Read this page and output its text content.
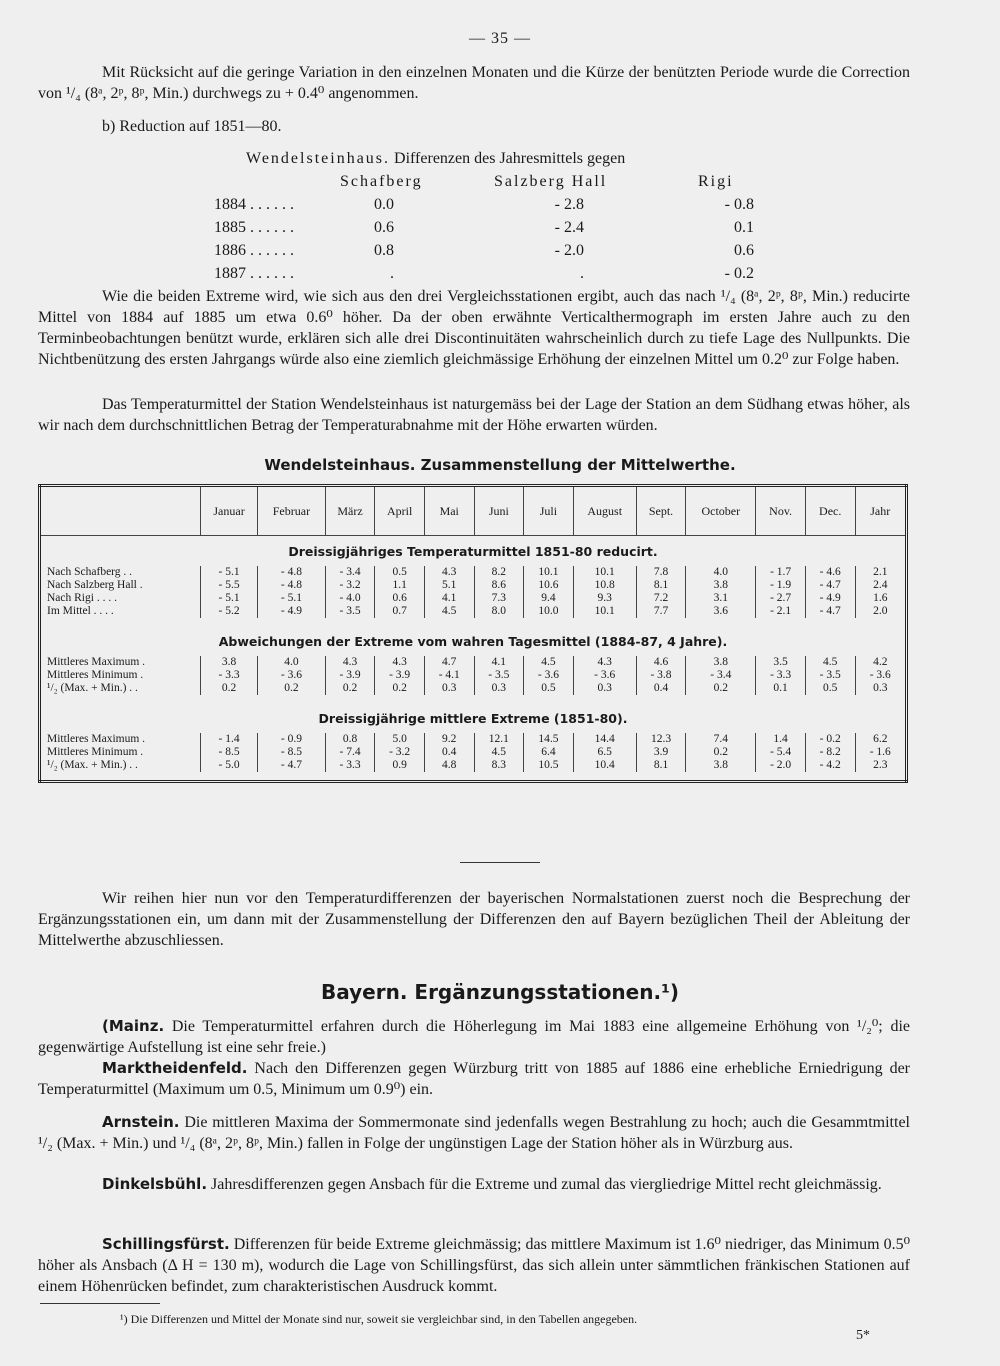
— 35 —
Mit Rücksicht auf die geringe Variation in den einzelnen Monaten und die Kürze der benützten Periode wurde die Correction von ¹/₄ (8ᵃ, 2ᵖ, 8ᵖ, Min.) durchwegs zu + 0.4⁰ angenommen.
b) Reduction auf 1851—80.
Wendelsteinhaus. Differenzen des Jahresmittels gegen
Schafberg	Salzberg Hall	Rigi
1884 . . . . . .	0.0	- 2.8	- 0.8
1885 . . . . . .	0.6	- 2.4	0.1
1886 . . . . . .	0.8	- 2.0	0.6
1887 . . . . . .	.	.	- 0.2
Wie die beiden Extreme wird, wie sich aus den drei Vergleichsstationen ergibt, auch das nach ¹/₄ (8ᵃ, 2ᵖ, 8ᵖ, Min.) reducirte Mittel von 1884 auf 1885 um etwa 0.6⁰ höher. Da der oben erwähnte Verticalthermograph im ersten Jahre auch zu den Terminbeobachtungen benützt wurde, erklären sich alle drei Discontinuitäten wahrscheinlich durch zu tiefe Lage des Nullpunkts. Die Nichtbenützung des ersten Jahrgangs würde also eine ziemlich gleichmässige Erhöhung der einzelnen Mittel um 0.2⁰ zur Folge haben.
Das Temperaturmittel der Station Wendelsteinhaus ist naturgemäss bei der Lage der Station an dem Südhang etwas höher, als wir nach dem durchschnittlichen Betrag der Temperaturabnahme mit der Höhe erwarten würden.
Wendelsteinhaus. Zusammenstellung der Mittelwerthe.
	Januar	Februar	März	April	Mai	Juni	Juli	August	Sept.	October	Nov.	Dec.	Jahr
Dreissigjähriges Temperaturmittel 1851-80 reducirt.													
Nach Schafberg . .	- 5.1	- 4.8	- 3.4	0.5	4.3	8.2	10.1	10.1	7.8	4.0	- 1.7	- 4.6	2.1
Nach Salzberg Hall .	- 5.5	- 4.8	- 3.2	1.1	5.1	8.6	10.6	10.8	8.1	3.8	- 1.9	- 4.7	2.4
Nach Rigi . . . .	- 5.1	- 5.1	- 4.0	0.6	4.1	7.3	9.4	9.3	7.2	3.1	- 2.7	- 4.9	1.6
Im Mittel . . . .	- 5.2	- 4.9	- 3.5	0.7	4.5	8.0	10.0	10.1	7.7	3.6	- 2.1	- 4.7	2.0

Abweichungen der Extreme vom wahren Tagesmittel (1884-87, 4 Jahre).													
Mittleres Maximum .	3.8	4.0	4.3	4.3	4.7	4.1	4.5	4.3	4.6	3.8	3.5	4.5	4.2
Mittleres Minimum .	- 3.3	- 3.6	- 3.9	- 3.9	- 4.1	- 3.5	- 3.6	- 3.6	- 3.8	- 3.4	- 3.3	- 3.5	- 3.6
¹/₂ (Max. + Min.) . .	0.2	0.2	0.2	0.2	0.3	0.3	0.5	0.3	0.4	0.2	0.1	0.5	0.3

Dreissigjährige mittlere Extreme (1851-80).													
Mittleres Maximum .	- 1.4	- 0.9	0.8	5.0	9.2	12.1	14.5	14.4	12.3	7.4	1.4	- 0.2	6.2
Mittleres Minimum .	- 8.5	- 8.5	- 7.4	- 3.2	0.4	4.5	6.4	6.5	3.9	0.2	- 5.4	- 8.2	- 1.6
¹/₂ (Max. + Min.) . .	- 5.0	- 4.7	- 3.3	0.9	4.8	8.3	10.5	10.4	8.1	3.8	- 2.0	- 4.2	2.3

Wir reihen hier nun vor den Temperaturdifferenzen der bayerischen Normalstationen zuerst noch die Besprechung der Ergänzungsstationen ein, um dann mit der Zusammenstellung der Differenzen den auf Bayern bezüglichen Theil der Ableitung der Mittelwerthe abzuschliessen.
Bayern. Ergänzungsstationen.¹)
(Mainz. Die Temperaturmittel erfahren durch die Höherlegung im Mai 1883 eine allgemeine Erhöhung von ¹/₂⁰; die gegenwärtige Aufstellung ist eine sehr freie.)
Marktheidenfeld. Nach den Differenzen gegen Würzburg tritt von 1885 auf 1886 eine erhebliche Erniedrigung der Temperaturmittel (Maximum um 0.5, Minimum um 0.9⁰) ein.
Arnstein. Die mittleren Maxima der Sommermonate sind jedenfalls wegen Bestrahlung zu hoch; auch die Gesammtmittel ¹/₂ (Max. + Min.) und ¹/₄ (8ᵃ, 2ᵖ, 8ᵖ, Min.) fallen in Folge der ungünstigen Lage der Station höher als in Würzburg aus.
Dinkelsbühl. Jahresdifferenzen gegen Ansbach für die Extreme und zumal das viergliedrige Mittel recht gleichmässig.
Schillingsfürst. Differenzen für beide Extreme gleichmässig; das mittlere Maximum ist 1.6⁰ niedriger, das Minimum 0.5⁰ höher als Ansbach (Δ H = 130 m), wodurch die Lage von Schillingsfürst, das sich allein unter sämmtlichen fränkischen Stationen auf einem Höhenrücken befindet, zum charakteristischen Ausdruck kommt.
¹) Die Differenzen und Mittel der Monate sind nur, soweit sie vergleichbar sind, in den Tabellen angegeben.
5*
